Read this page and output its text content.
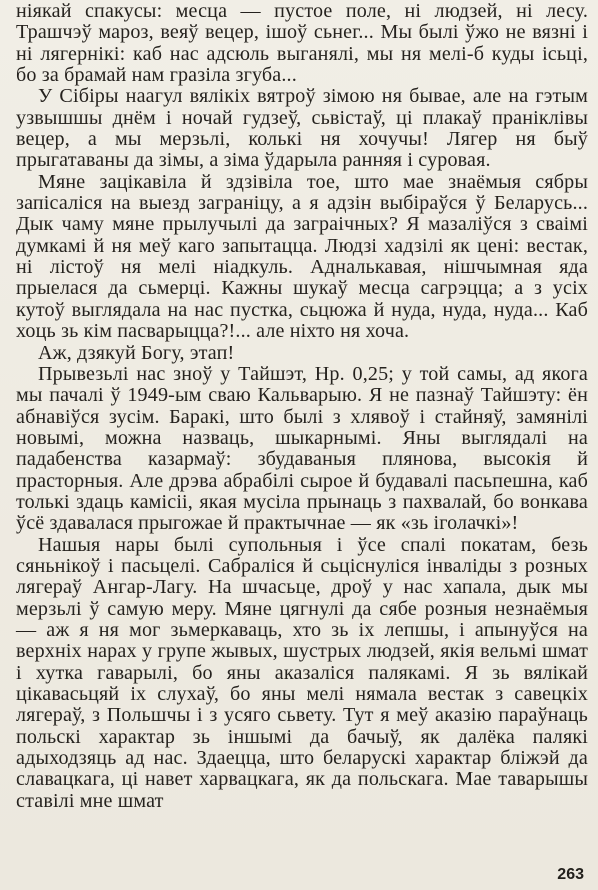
ніякай спакусы: месца — пустое поле, ні людзей, ні лесу. Трашчэў мароз, веяў вецер, ішоў сьнег... Мы былі ўжо не вязні і ні лягернікі: каб нас адсюль выганялі, мы ня мелі-б куды ісьці, бо за брамай нам гразіла згуба...

У Сібіры наагул вялікіх вятроў зімою ня бывае, але на гэтым узвышшы днём і ночай гудзеў, сьвістаў, ці плакаў праніклівы вецер, а мы мерзьлі, колькі ня хочучы! Лягер ня быў прыгатаваны да зімы, а зіма ўдарыла ранняя і суровая.

Мяне зацікавіла й здзівіла тое, што мае знаёмыя сябры запісаліся на выезд заграніцу, а я адзін выбіраўся ў Беларусь... Дык чаму мяне прылучылі да заграічных? Я мазаліўся з сваімі думкамі й ня меў каго запытацца. Людзі хадзілі як цені: вестак, ні лістоў ня мелі ніадкуль. Адналькавая, нішчымная яда прыелася да сьмерці. Кажны шукаў месца сагрэцца; а з усіх кутоў выглядала на нас пустка, сьцюжа й нуда, нуда, нуда... Каб хоць зь кім пасварыцца?!... але ніхто ня хоча.

Аж, дзякуй Богу, этап!

Прывезьлі нас зноў у Тайшэт, Нр. 0,25; у той самы, ад якога мы пачалі ў 1949-ым сваю Кальварыю. Я не пазнаў Тайшэту: ён абнавіўся зусім. Баракі, што былі з хлявоў і стайняў, замянілі новымі, можна назваць, шыкарнымі. Яны выглядалі на падабенства казармаў: збудаваныя плянова, высокія й прасторныя. Але дрэва абрабілі сырое й будавалі пасьпешна, каб толькі здаць камісіі, якая мусіла прынаць з пахвалай, бо вонкава ўсё здавалася прыгожае й практычнае — як «зь іголачкі»!

Нашыя нары былі супольныя і ўсе спалі покатам, безь сяньнікоў і пасьцелі. Сабраліся й сьціснуліся інваліды з розных лягераў Ангар-Лагу. На шчасьце, дроў у нас хапала, дык мы мерзьлі ў самую меру. Мяне цягнулі да сябе розныя незнаёмыя — аж я ня мог зьмеркаваць, хто зь іх лепшы, і апынуўся на верхніх нарах у групе жывых, шустрых людзей, якія вельмі шмат і хутка гаварылі, бо яны аказаліся палякамі. Я зь вялікай цікавасьцяй іх слухаў, бо яны мелі нямала вестак з савецкіх лягераў, з Польшчы і з усяго сьвету. Тут я меў аказію параўнаць польскі характар зь іншымі да бачыў, як далёка палякі адыходзяць ад нас. Здаецца, што беларускі характар бліжэй да славацкага, ці навет харвацкага, як да польскага. Мае таварышы ставілі мне шмат

263
